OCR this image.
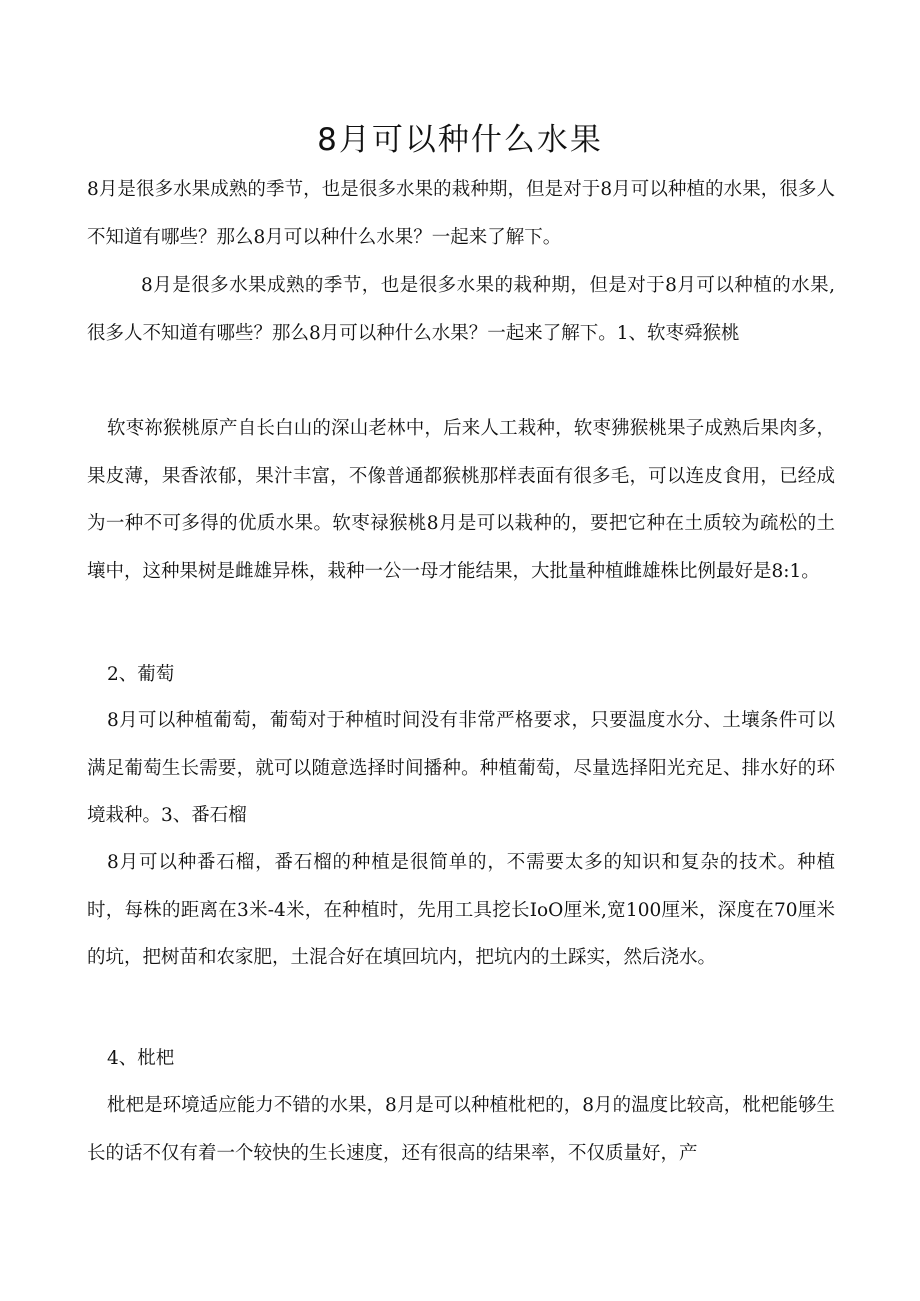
8月可以种什么水果

8月是很多水果成熟的季节，也是很多水果的栽种期，但是对于8月可以种植的水果，很多人不知道有哪些？那么8月可以种什么水果？一起来了解下。

8月是很多水果成熟的季节，也是很多水果的栽种期，但是对于8月可以种植的水果,很多人不知道有哪些？那么8月可以种什么水果？一起来了解下。1、软枣舜猴桃

软枣祢猴桃原产自长白山的深山老林中，后来人工栽种，软枣狒猴桃果子成熟后果肉多，果皮薄，果香浓郁，果汁丰富，不像普通都猴桃那样表面有很多毛，可以连皮食用，已经成为一种不可多得的优质水果。软枣禄猴桃8月是可以栽种的，要把它种在土质较为疏松的土壤中，这种果树是雌雄异株，栽种一公一母才能结果，大批量种植雌雄株比例最好是8:1。

2、葡萄

8月可以种植葡萄，葡萄对于种植时间没有非常严格要求，只要温度水分、土壤条件可以满足葡萄生长需要，就可以随意选择时间播种。种植葡萄，尽量选择阳光充足、排水好的环境栽种。3、番石榴

8月可以种番石榴，番石榴的种植是很简单的，不需要太多的知识和复杂的技术。种植时，每株的距离在3米-4米，在种植时，先用工具挖长IoO厘米,宽100厘米，深度在70厘米的坑，把树苗和农家肥，土混合好在填回坑内，把坑内的土踩实，然后浇水。

4、枇杷

枇杷是环境适应能力不错的水果，8月是可以种植枇杷的，8月的温度比较高，枇杷能够生长的话不仅有着一个较快的生长速度，还有很高的结果率，不仅质量好，产
